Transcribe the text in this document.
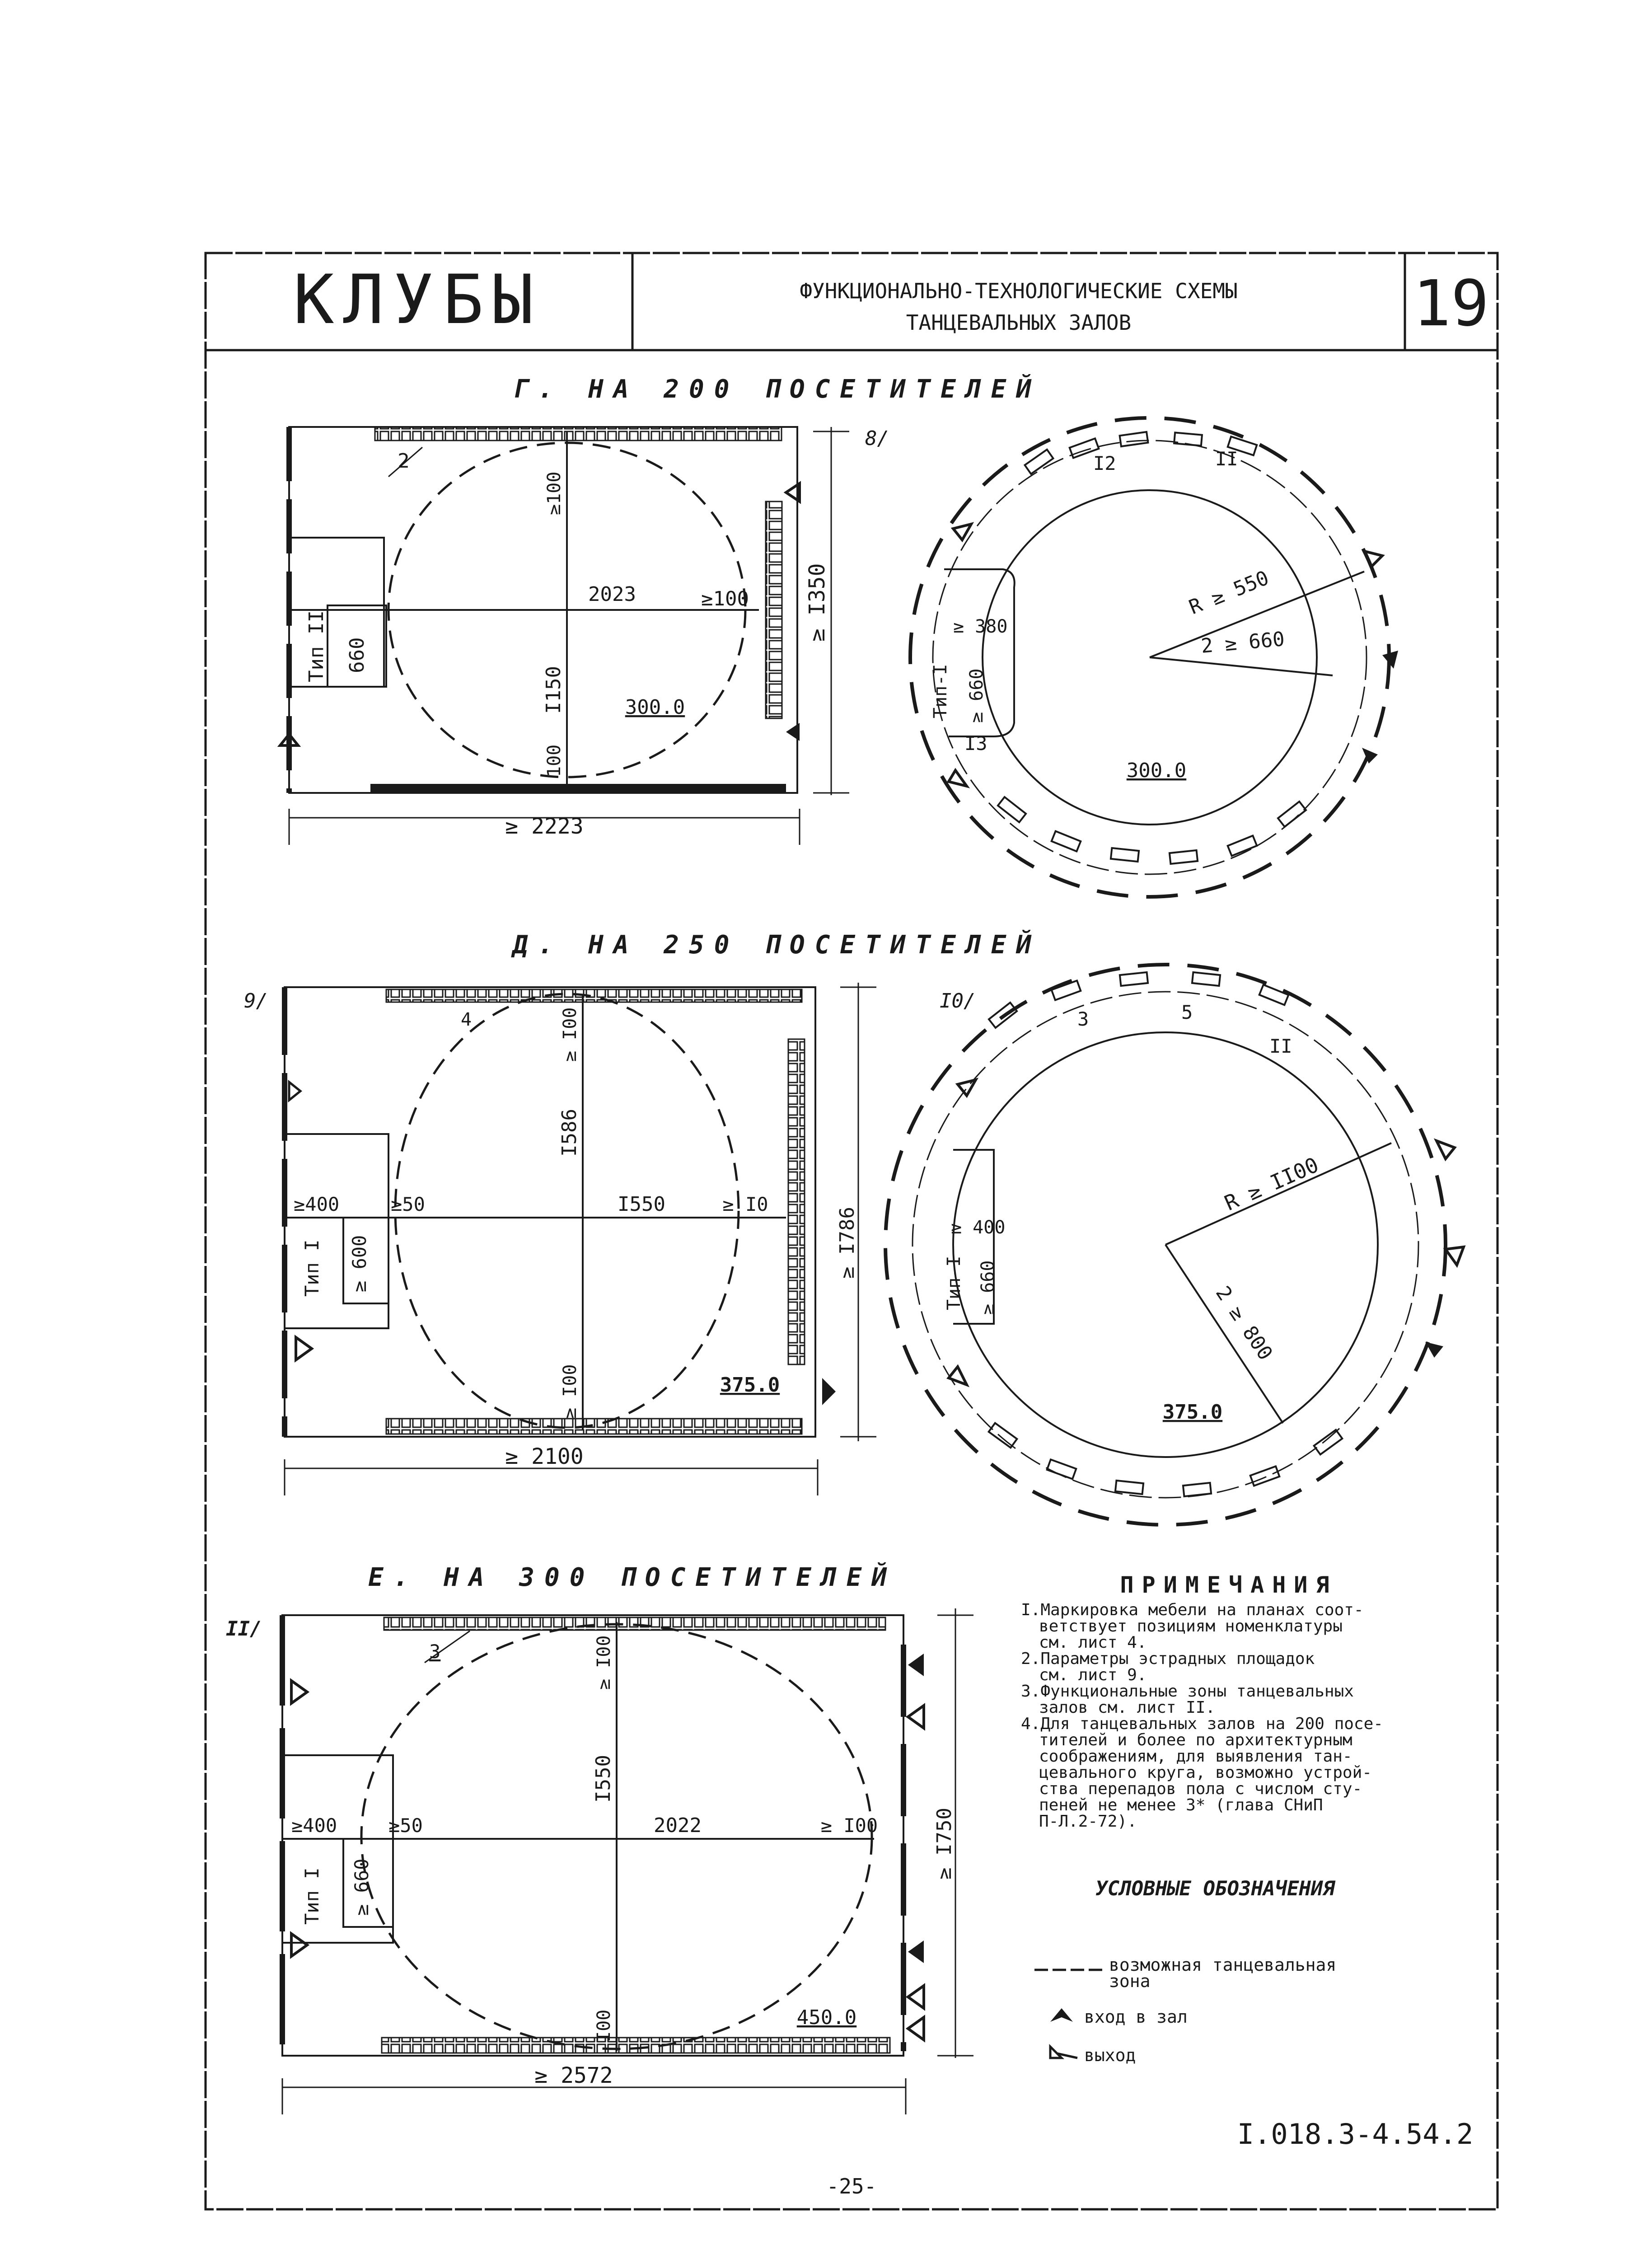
КЛУБЫ	ФУНКЦИОНАЛЬНО-ТЕХНОЛОГИЧЕСКИЕ СХЕМЫ
ТАНЦЕВАЛЬНЫХ ЗАЛОВ	19
Г. НА 200 ПОСЕТИТЕЛЕЙ
2
Тип II 660
≥ 2223
≥ I350
2023	≥100
≥100
I150
100
300.0
8/
I2	II
I3
Тип-I
≥ 380
≥ 660
R ≥ 550
2 ≥ 660
300.0
Д. НА 250 ПОСЕТИТЕЛЕЙ
9/
4
Тип I
≥400
≥ 600
≥50	I550	≥ I0
≥ I00
I586
≥ I00
≥ I786
≥ 2100
375.0
I0/
3	5
II
Тип-I
≥ 400
≥ 660
R ≥ II00
2 ≥ 800
375.0
Е. НА 300 ПОСЕТИТЕЛЕЙ
II/
3
Тип I
≥400
≥ 660
≥50	2022	≥ I00
≥ I00
I550
I00
≥ I750
≥ 2572
450.0
ПРИМЕЧАНИЯ
I.Маркировка мебели на планах соот-
ветствует позициям номенклатуры
см. лист 4.
2.Параметры эстрадных площадок
см. лист 9.
3.Функциональные зоны танцевальных
залов см. лист II.
4.Для танцевальных залов на 200 посе-
тителей и более по архитектурным
соображениям, для выявления тан-
цевального круга, возможно устрой-
ства перепадов пола с числом сту-
пеней не менее 3* (глава СНиП
П-Л.2-72).
УСЛОВНЫЕ ОБОЗНАЧЕНИЯ
возможная танцевальная
зона
вход в зал
выход
I.018.3-4.54.2
-25-
